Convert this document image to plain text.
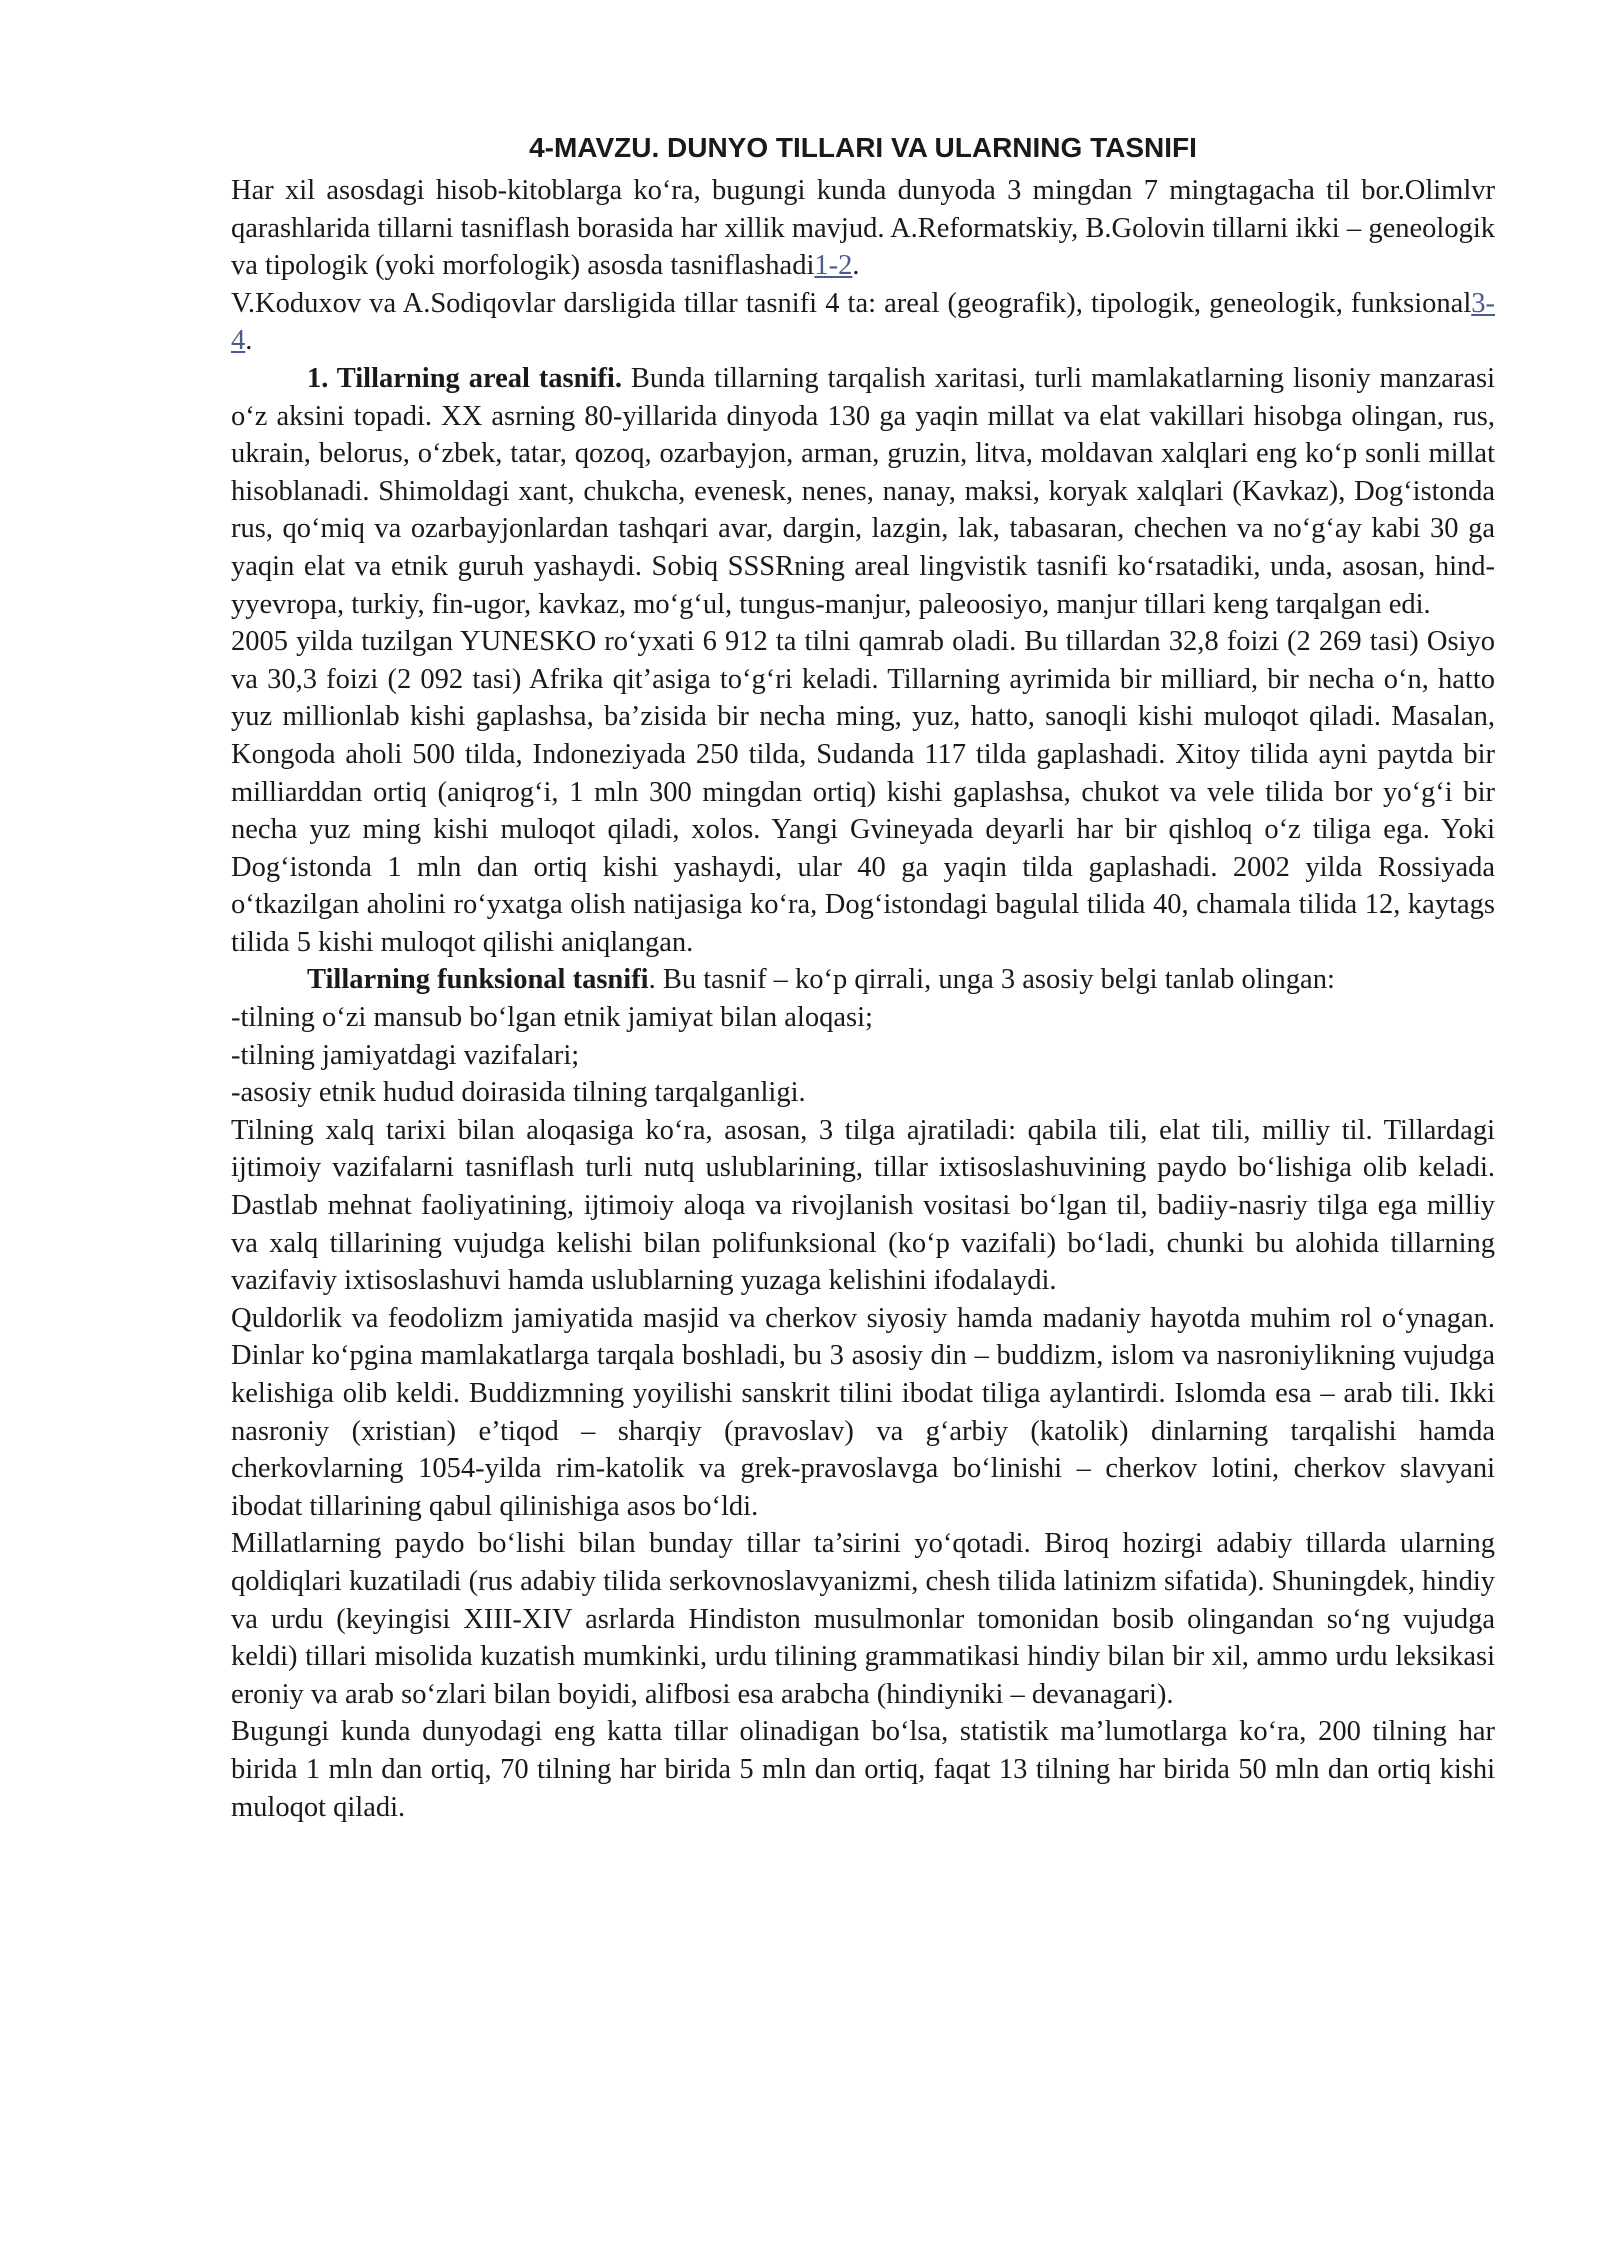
4-MAVZU. DUNYO TILLARI VA ULARNING TASNIFI

Har xil asosdagi hisob-kitoblarga ko‘ra, bugungi kunda dunyoda 3 mingdan 7 mingtagacha til bor.Olimlvr qarashlarida tillarni tasniflash borasida har xillik mavjud. A.Reformatskiy, B.Golovin tillarni ikki – geneologik va tipologik (yoki morfologik) asosda tasniflashadi1-2.

V.Koduxov va A.Sodiqovlar darsligida tillar tasnifi 4 ta: areal (geografik), tipologik, geneologik, funksional3-4.

1. Tillarning areal tasnifi. Bunda tillarning tarqalish xaritasi, turli mamlakatlarning lisoniy manzarasi o‘z aksini topadi. XX asrning 80-yillarida dinyoda 130 ga yaqin millat va elat vakillari hisobga olingan, rus, ukrain, belorus, o‘zbek, tatar, qozoq, ozarbayjon, arman, gruzin, litva, moldavan xalqlari eng ko‘p sonli millat hisoblanadi. Shimoldagi xant, chukcha, evenesk, nenes, nanay, maksi, koryak xalqlari (Kavkaz), Dog‘istonda rus, qo‘miq va ozarbayjonlardan tashqari avar, dargin, lazgin, lak, tabasaran, chechen va no‘g‘ay kabi 30 ga yaqin elat va etnik guruh yashaydi. Sobiq SSSRning areal lingvistik tasnifi ko‘rsatadiki, unda, asosan, hind-yyevropa, turkiy, fin-ugor, kavkaz, mo‘g‘ul, tungus-manjur, paleoosiyo, manjur tillari keng tarqalgan edi.

2005 yilda tuzilgan YUNESKO ro‘yxati 6 912 ta tilni qamrab oladi. Bu tillardan 32,8 foizi (2 269 tasi) Osiyo va 30,3 foizi (2 092 tasi) Afrika qit’asiga to‘g‘ri keladi. Tillarning ayrimida bir milliard, bir necha o‘n, hatto yuz millionlab kishi gaplashsa, ba’zisida bir necha ming, yuz, hatto, sanoqli kishi muloqot qiladi. Masalan, Kongoda aholi 500 tilda, Indoneziyada 250 tilda, Sudanda 117 tilda gaplashadi. Xitoy tilida ayni paytda bir milliarddan ortiq (aniqrog‘i, 1 mln 300 mingdan ortiq) kishi gaplashsa, chukot va vele tilida bor yo‘g‘i bir necha yuz ming kishi muloqot qiladi, xolos. Yangi Gvineyada deyarli har bir qishloq o‘z tiliga ega. Yoki Dog‘istonda 1 mln dan ortiq kishi yashaydi, ular 40 ga yaqin tilda gaplashadi. 2002 yilda Rossiyada o‘tkazilgan aholini ro‘yxatga olish natijasiga ko‘ra, Dog‘istondagi bagulal tilida 40, chamala tilida 12, kaytags tilida 5 kishi muloqot qilishi aniqlangan.

Tillarning funksional tasnifi. Bu tasnif – ko‘p qirrali, unga 3 asosiy belgi tanlab olingan:

-tilning o‘zi mansub bo‘lgan etnik jamiyat bilan aloqasi;

-tilning jamiyatdagi vazifalari;

-asosiy etnik hudud doirasida tilning tarqalganligi.

Tilning xalq tarixi bilan aloqasiga ko‘ra, asosan, 3 tilga ajratiladi: qabila tili, elat tili, milliy til. Tillardagi ijtimoiy vazifalarni tasniflash turli nutq uslublarining, tillar ixtisoslashuvining paydo bo‘lishiga olib keladi. Dastlab mehnat faoliyatining, ijtimoiy aloqa va rivojlanish vositasi bo‘lgan til, badiiy-nasriy tilga ega milliy va xalq tillarining vujudga kelishi bilan polifunksional (ko‘p vazifali) bo‘ladi, chunki bu alohida tillarning vazifaviy ixtisoslashuvi hamda uslublarning yuzaga kelishini ifodalaydi.

Quldorlik va feodolizm jamiyatida masjid va cherkov siyosiy hamda madaniy hayotda muhim rol o‘ynagan. Dinlar ko‘pgina mamlakatlarga tarqala boshladi, bu 3 asosiy din – buddizm, islom va nasroniylikning vujudga kelishiga olib keldi. Buddizmning yoyilishi sanskrit tilini ibodat tiliga aylantirdi. Islomda esa – arab tili. Ikki nasroniy (xristian) e’tiqod – sharqiy (pravoslav) va g‘arbiy (katolik) dinlarning tarqalishi hamda cherkovlarning 1054-yilda rim-katolik va grek-pravoslavga bo‘linishi – cherkov lotini, cherkov slavyani ibodat tillarining qabul qilinishiga asos bo‘ldi.

Millatlarning paydo bo‘lishi bilan bunday tillar ta’sirini yo‘qotadi. Biroq hozirgi adabiy tillarda ularning qoldiqlari kuzatiladi (rus adabiy tilida serkovnoslavyanizmi, chesh tilida latinizm sifatida). Shuningdek, hindiy va urdu (keyingisi XIII-XIV asrlarda Hindiston musulmonlar tomonidan bosib olingandan so‘ng vujudga keldi) tillari misolida kuzatish mumkinki, urdu tilining grammatikasi hindiy bilan bir xil, ammo urdu leksikasi eroniy va arab so‘zlari bilan boyidi, alifbosi esa arabcha (hindiyniki – devanagari).

Bugungi kunda dunyodagi eng katta tillar olinadigan bo‘lsa, statistik ma’lumotlarga ko‘ra, 200 tilning har birida 1 mln dan ortiq, 70 tilning har birida 5 mln dan ortiq, faqat 13 tilning har birida 50 mln dan ortiq kishi muloqot qiladi.
